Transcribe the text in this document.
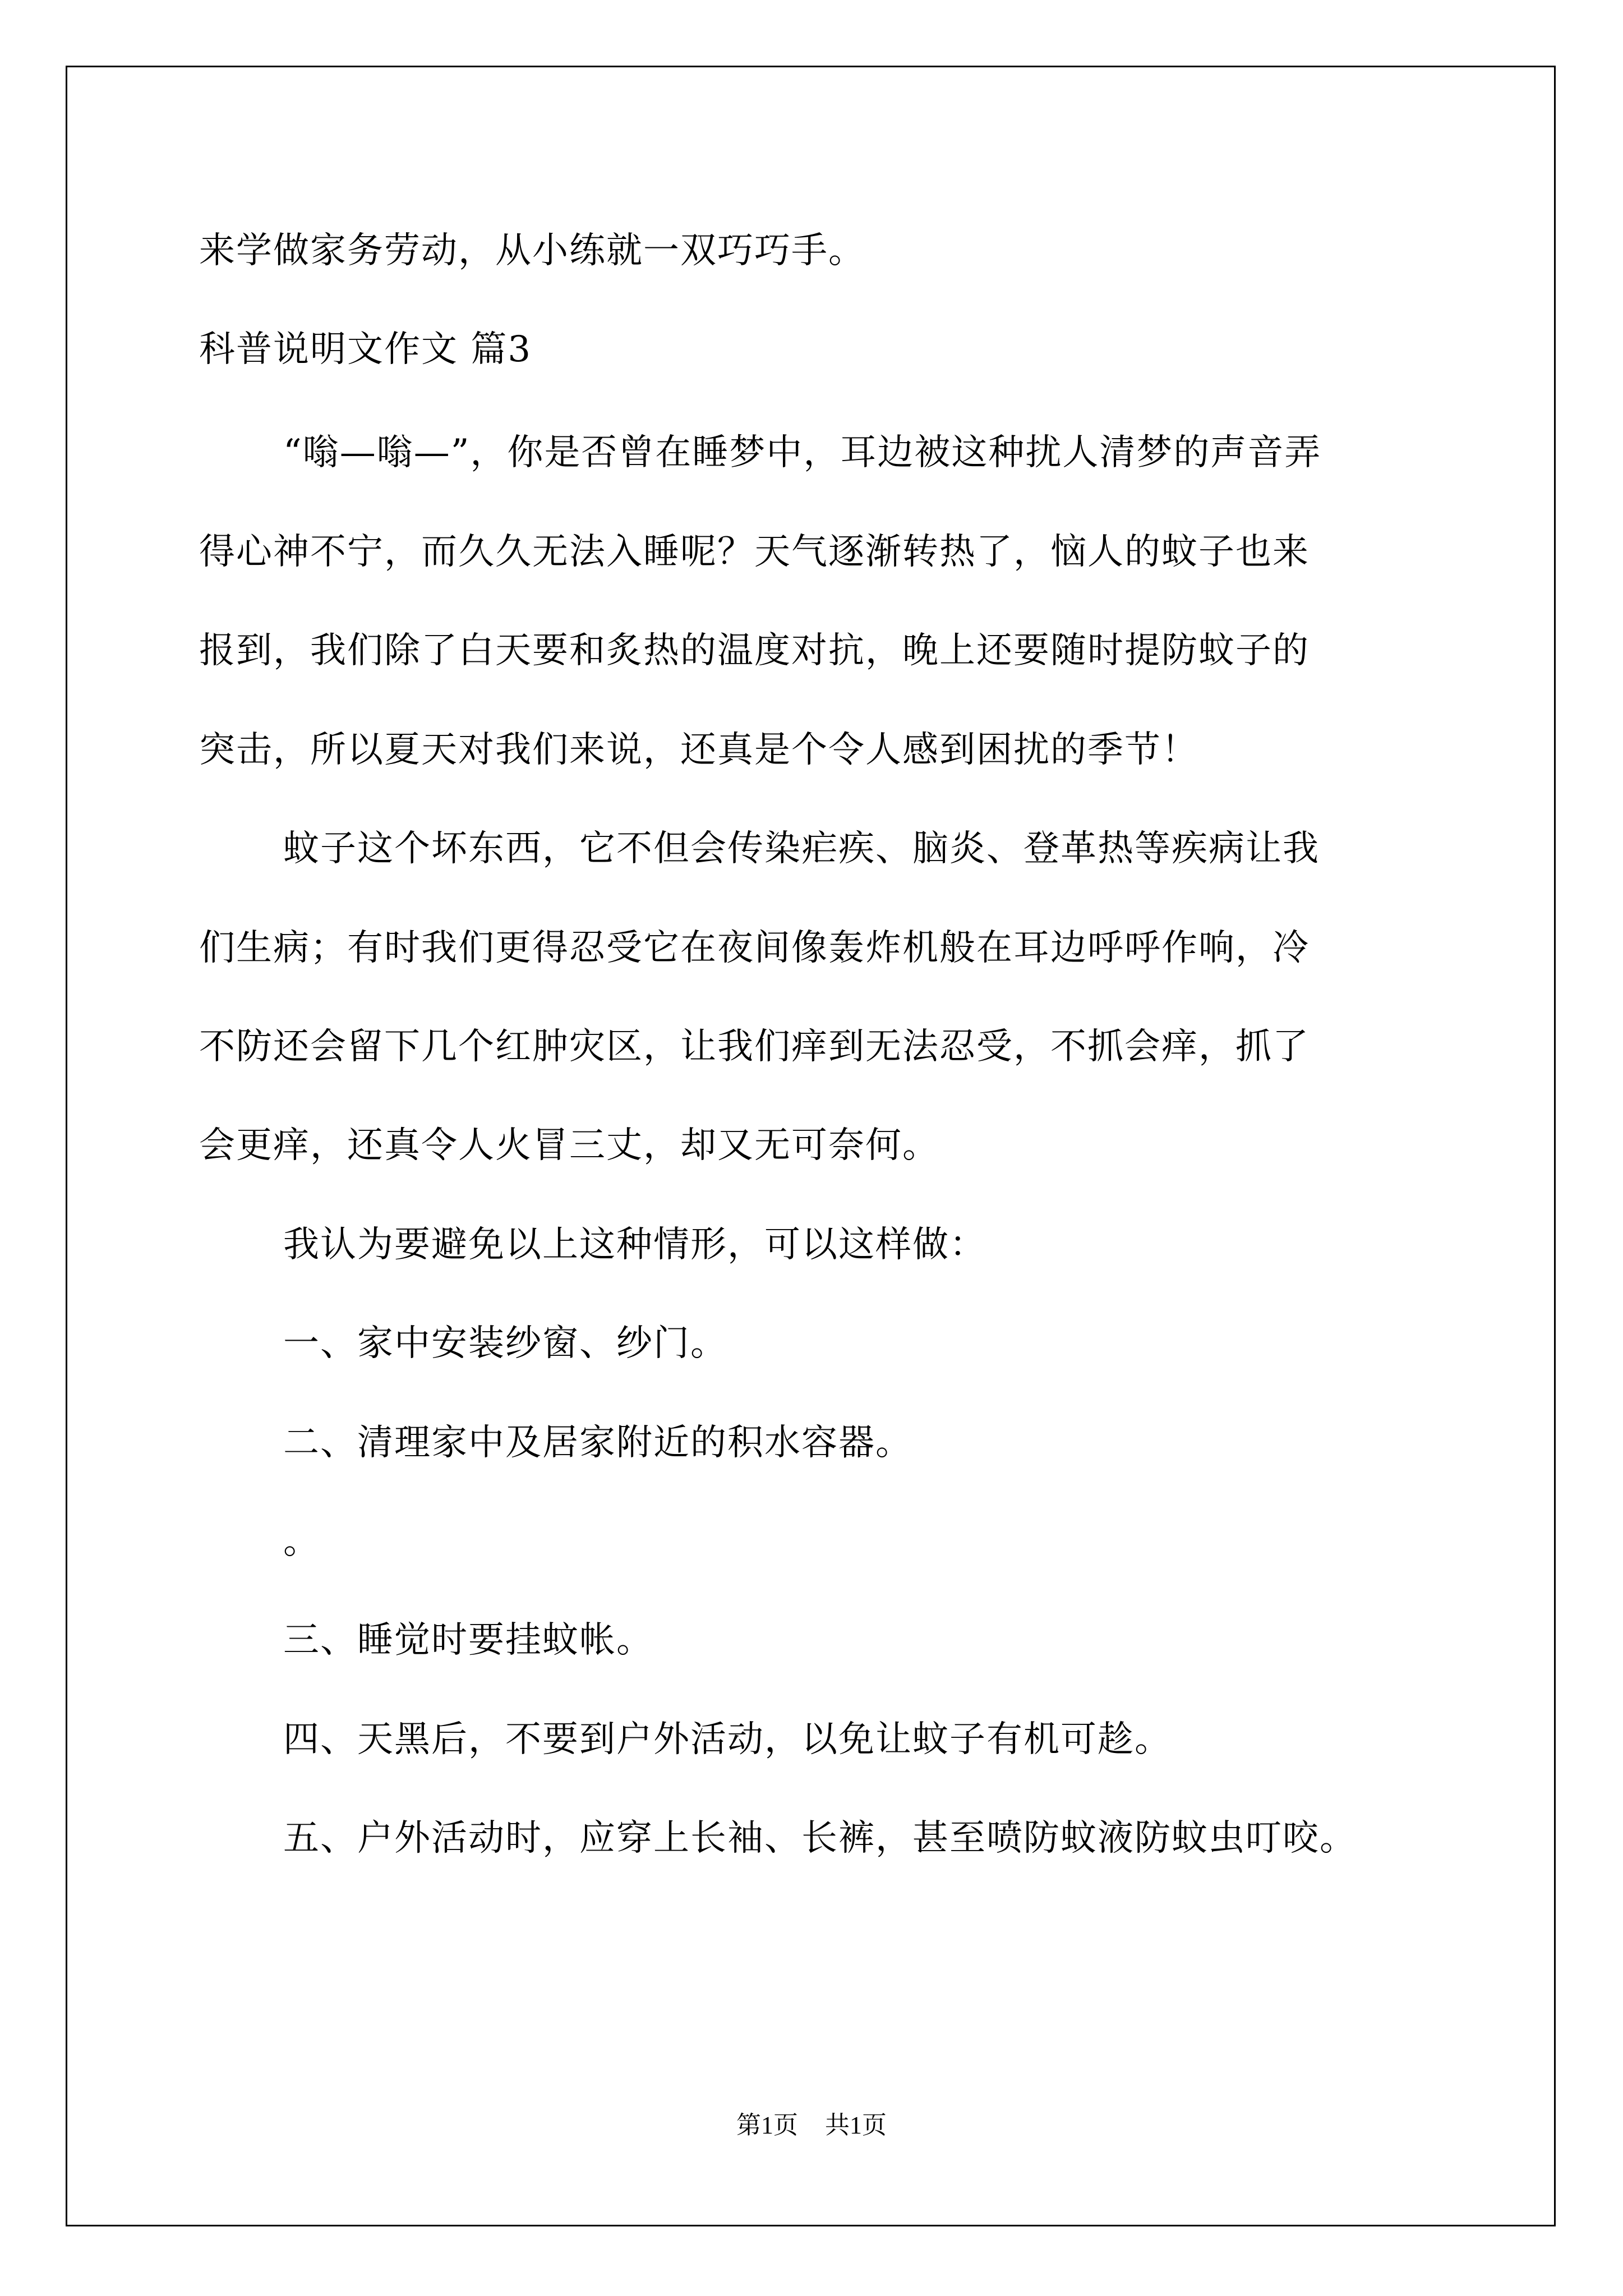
来学做家务劳动，从小练就一双巧巧手。
科普说明文作文 篇3
“嗡—嗡—”，你是否曾在睡梦中，耳边被这种扰人清梦的声音弄
得心神不宁，而久久无法入睡呢？天气逐渐转热了，恼人的蚊子也来
报到，我们除了白天要和炙热的温度对抗，晚上还要随时提防蚊子的
突击，所以夏天对我们来说，还真是个令人感到困扰的季节！
蚊子这个坏东西，它不但会传染疟疾、脑炎、登革热等疾病让我
们生病；有时我们更得忍受它在夜间像轰炸机般在耳边呼呼作响，冷
不防还会留下几个红肿灾区，让我们痒到无法忍受，不抓会痒，抓了
会更痒，还真令人火冒三丈，却又无可奈何。
我认为要避免以上这种情形，可以这样做：
一、家中安装纱窗、纱门。
二、清理家中及居家附近的积水容器。
。
三、睡觉时要挂蚊帐。
四、天黑后，不要到户外活动，以免让蚊子有机可趁。
五、户外活动时，应穿上长袖、长裤，甚至喷防蚊液防蚊虫叮咬。
第1页 共1页
